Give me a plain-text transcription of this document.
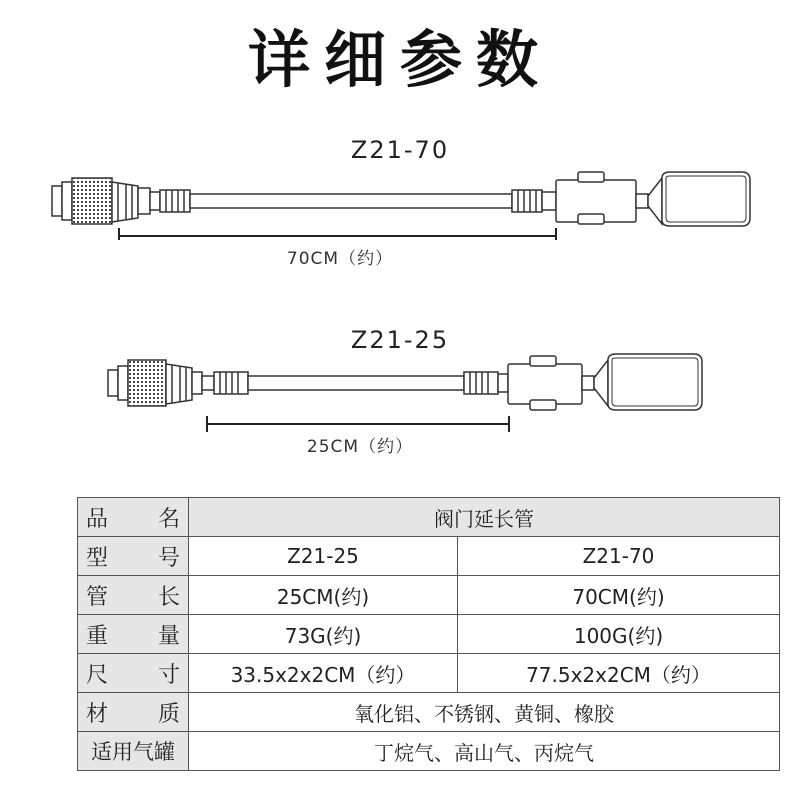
详细参数
Z21-70
70CM（约）
Z21-25
25CM（约）
品 名	阀门延长管	

型 号	Z21-25	Z21-70

管 长	25CM(约)	70CM(约)

重 量	73G(约)	100G(约)

尺 寸	33.5x2x2CM（约）	77.5x2x2CM（约）

材 质	氧化铝、不锈钢、黄铜、橡胶	
适用气罐	丁烷气、高山气、丙烷气	
